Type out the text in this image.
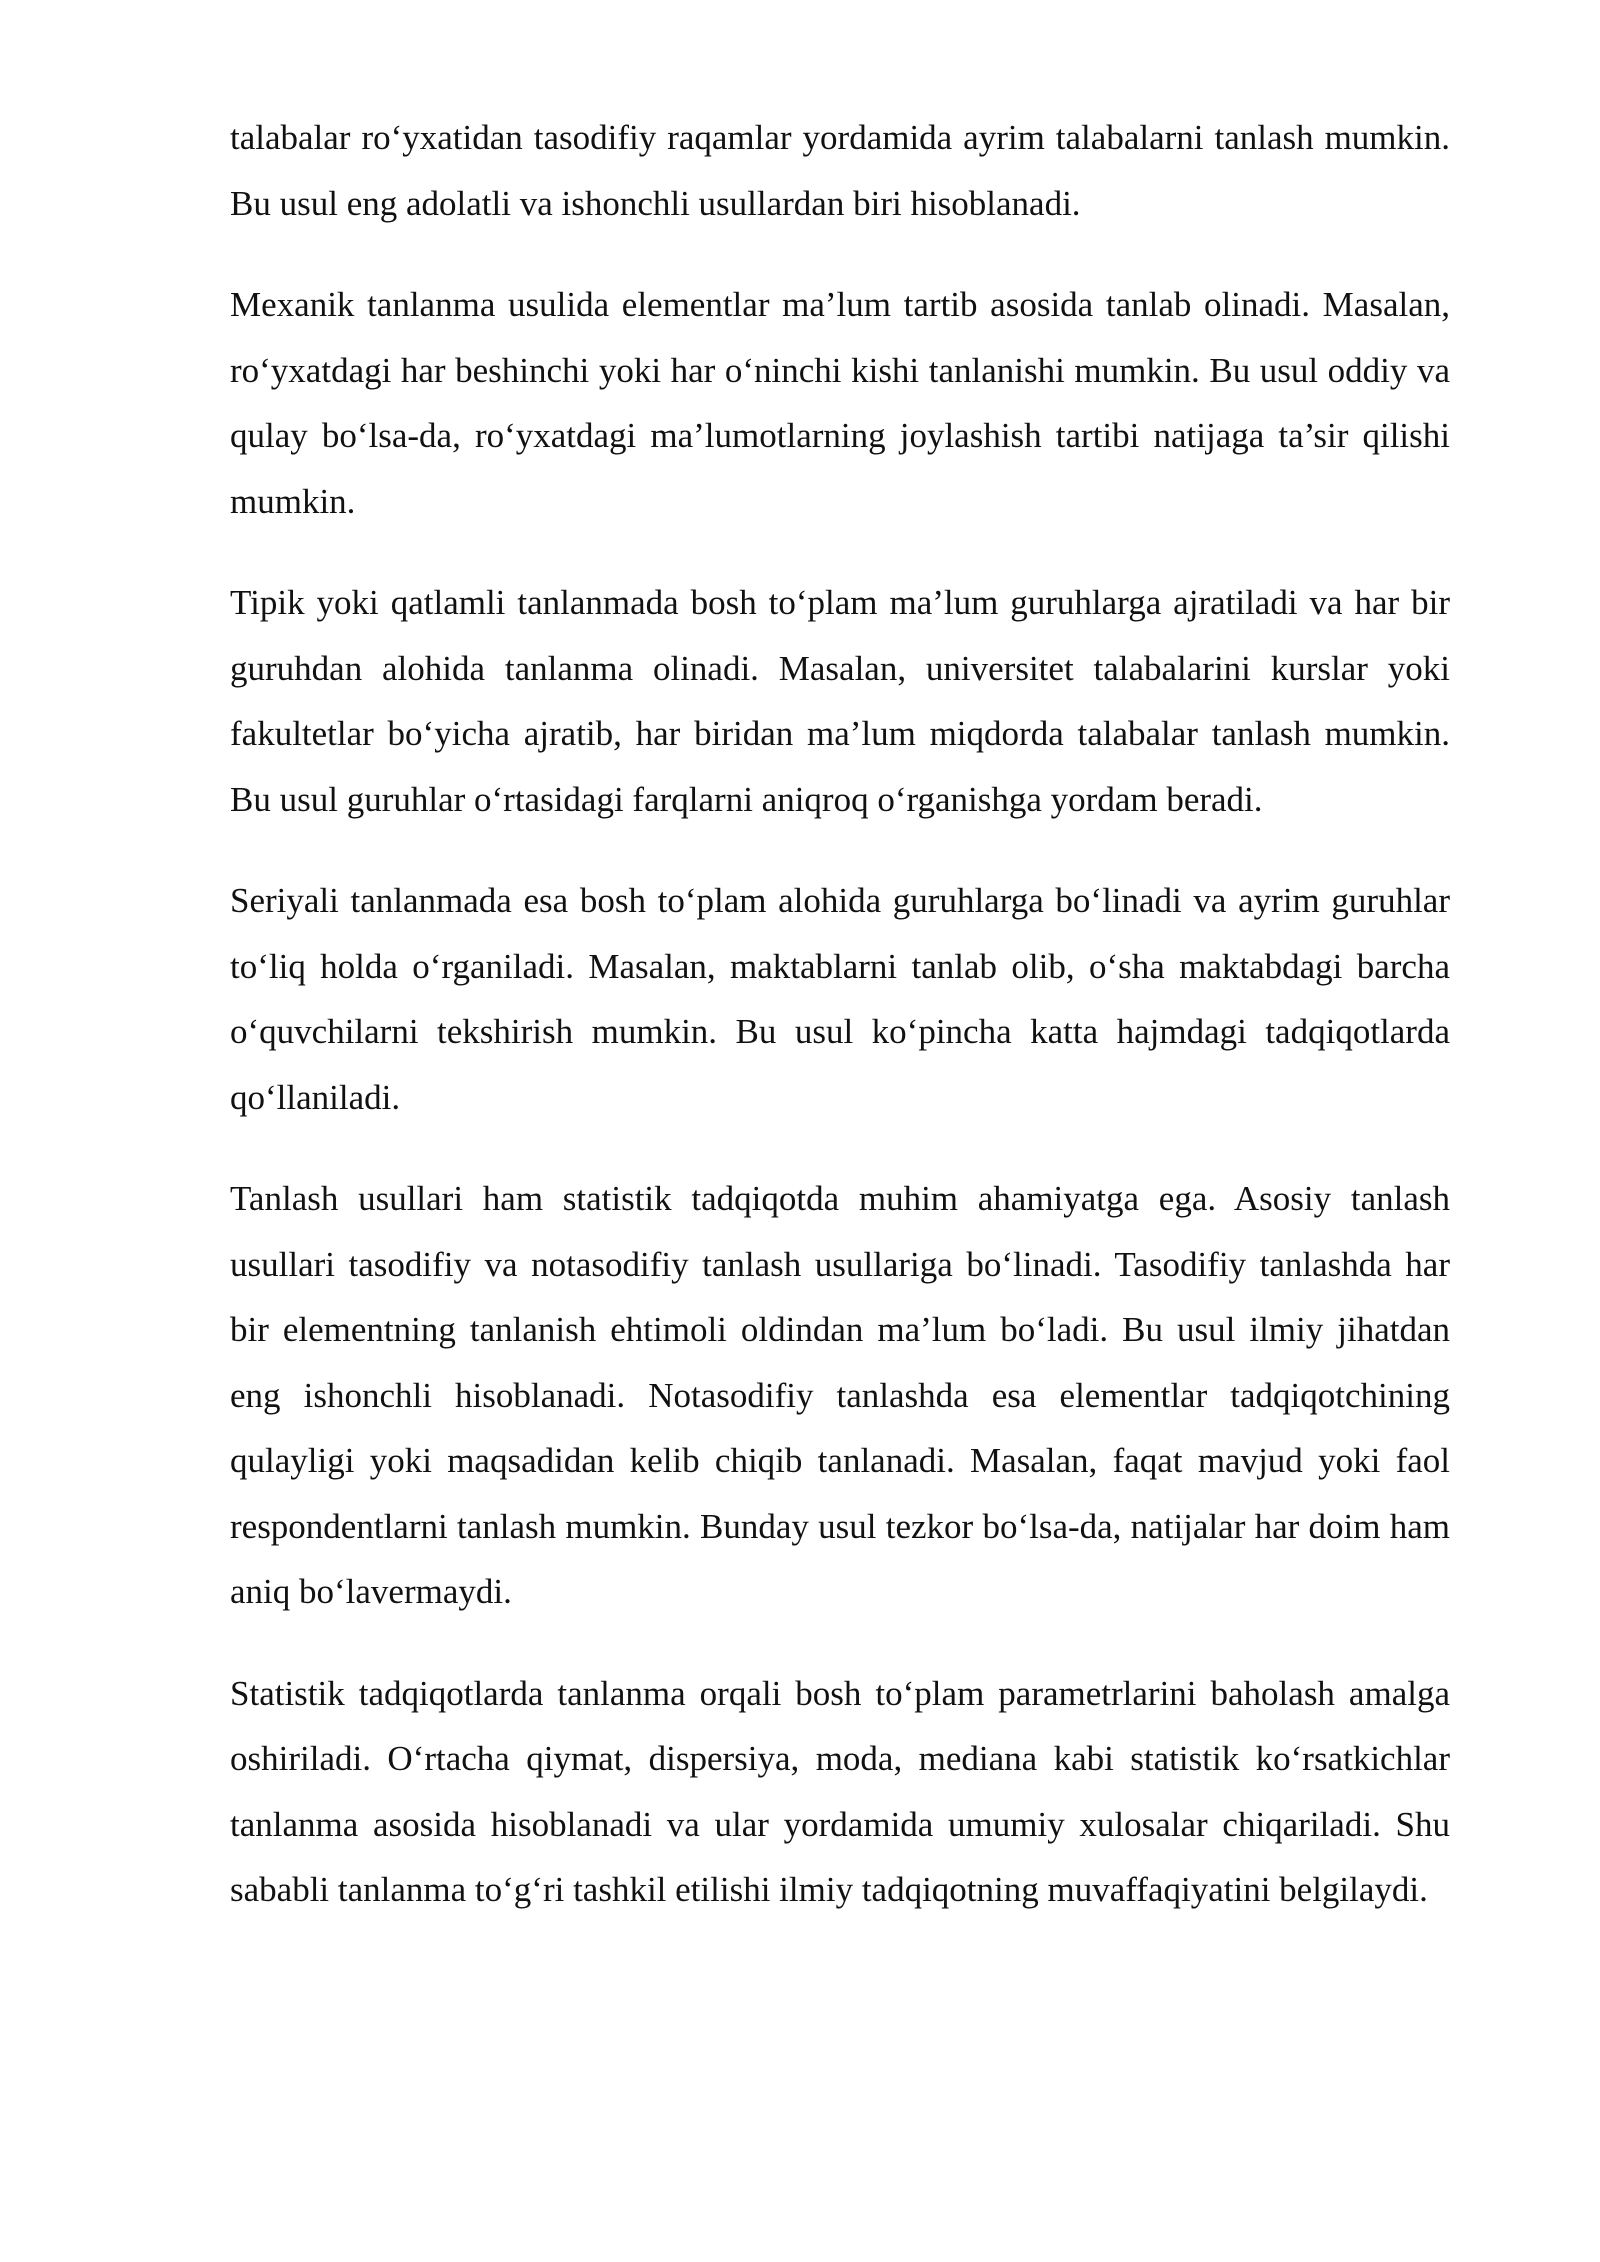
talabalar ro‘yxatidan tasodifiy raqamlar yordamida ayrim talabalarni tanlash mumkin. Bu usul eng adolatli va ishonchli usullardan biri hisoblanadi.

Mexanik tanlanma usulida elementlar ma’lum tartib asosida tanlab olinadi. Masalan, ro‘yxatdagi har beshinchi yoki har o‘ninchi kishi tanlanishi mumkin. Bu usul oddiy va qulay bo‘lsa-da, ro‘yxatdagi ma’lumotlarning joylashish tartibi natijaga ta’sir qilishi mumkin.

Tipik yoki qatlamli tanlanmada bosh to‘plam ma’lum guruhlarga ajratiladi va har bir guruhdan alohida tanlanma olinadi. Masalan, universitet talabalarini kurslar yoki fakultetlar bo‘yicha ajratib, har biridan ma’lum miqdorda talabalar tanlash mumkin. Bu usul guruhlar o‘rtasidagi farqlarni aniqroq o‘rganishga yordam beradi.

Seriyali tanlanmada esa bosh to‘plam alohida guruhlarga bo‘linadi va ayrim guruhlar to‘liq holda o‘rganiladi. Masalan, maktablarni tanlab olib, o‘sha maktabdagi barcha o‘quvchilarni tekshirish mumkin. Bu usul ko‘pincha katta hajmdagi tadqiqotlarda qo‘llaniladi.

Tanlash usullari ham statistik tadqiqotda muhim ahamiyatga ega. Asosiy tanlash usullari tasodifiy va notasodifiy tanlash usullariga bo‘linadi. Tasodifiy tanlashda har bir elementning tanlanish ehtimoli oldindan ma’lum bo‘ladi. Bu usul ilmiy jihatdan eng ishonchli hisoblanadi. Notasodifiy tanlashda esa elementlar tadqiqotchining qulayligi yoki maqsadidan kelib chiqib tanlanadi. Masalan, faqat mavjud yoki faol respondentlarni tanlash mumkin. Bunday usul tezkor bo‘lsa-da, natijalar har doim ham aniq bo‘lavermaydi.

Statistik tadqiqotlarda tanlanma orqali bosh to‘plam parametrlarini baholash amalga oshiriladi. O‘rtacha qiymat, dispersiya, moda, mediana kabi statistik ko‘rsatkichlar tanlanma asosida hisoblanadi va ular yordamida umumiy xulosalar chiqariladi. Shu sababli tanlanma to‘g‘ri tashkil etilishi ilmiy tadqiqotning muvaffaqiyatini belgilaydi.
